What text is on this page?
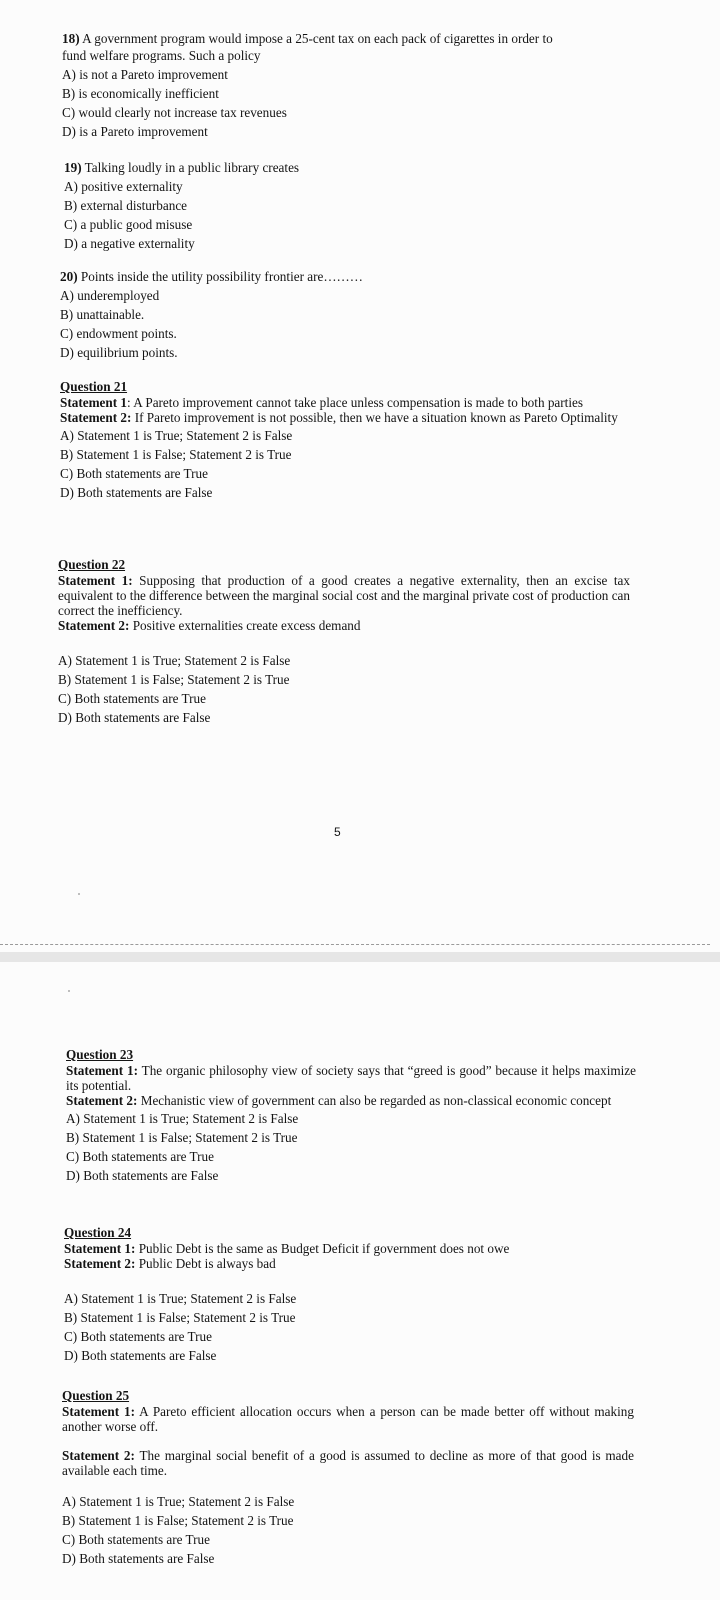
18) A government program would impose a 25-cent tax on each pack of cigarettes in order to
fund welfare programs. Such a policy
A) is not a Pareto improvement
B) is economically inefficient
C) would clearly not increase tax revenues
D) is a Pareto improvement
19) Talking loudly in a public library creates
A) positive externality
B) external disturbance
C) a public good misuse
D) a negative externality
20) Points inside the utility possibility frontier are………
A) underemployed
B) unattainable.
C) endowment points.
D) equilibrium points.
Question 21
Statement 1: A Pareto improvement cannot take place unless compensation is made to both parties
Statement 2: If Pareto improvement is not possible, then we have a situation known as Pareto Optimality
A) Statement 1 is True; Statement 2 is False
B) Statement 1 is False; Statement 2 is True
C) Both statements are True
D) Both statements are False
Question 22
Statement 1: Supposing that production of a good creates a negative externality, then an excise tax equivalent to the difference between the marginal social cost and the marginal private cost of production can correct the inefficiency.
Statement 2: Positive externalities create excess demand
A) Statement 1 is True; Statement 2 is False
B) Statement 1 is False; Statement 2 is True
C) Both statements are True
D) Both statements are False
5
Question 23
Statement 1: The organic philosophy view of society says that “greed is good” because it helps maximize its potential.
Statement 2: Mechanistic view of government can also be regarded as non-classical economic concept
A) Statement 1 is True; Statement 2 is False
B) Statement 1 is False; Statement 2 is True
C) Both statements are True
D) Both statements are False
Question 24
Statement 1: Public Debt is the same as Budget Deficit if government does not owe
Statement 2: Public Debt is always bad
A) Statement 1 is True; Statement 2 is False
B) Statement 1 is False; Statement 2 is True
C) Both statements are True
D) Both statements are False
Question 25
Statement 1: A Pareto efficient allocation occurs when a person can be made better off without making another worse off.
Statement 2: The marginal social benefit of a good is assumed to decline as more of that good is made available each time.
A) Statement 1 is True; Statement 2 is False
B) Statement 1 is False; Statement 2 is True
C) Both statements are True
D) Both statements are False
